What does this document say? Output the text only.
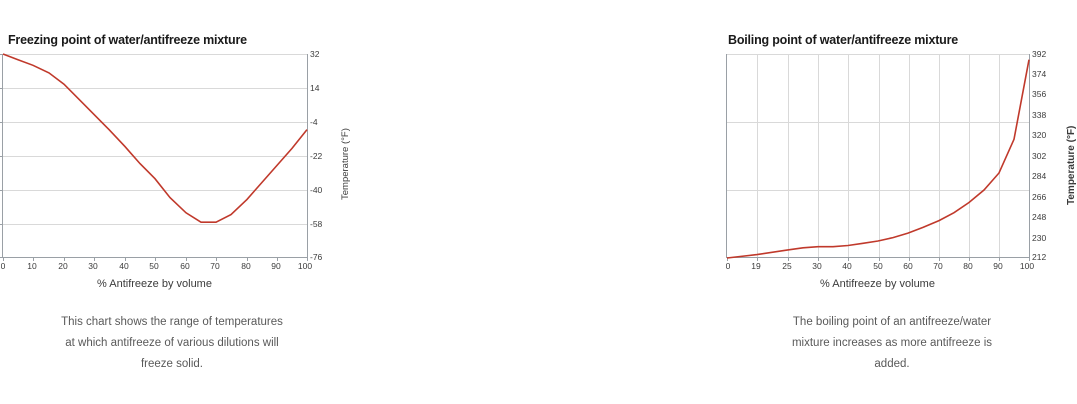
Freezing point of water/antifreeze mixture
32
14
-4
-22
-40
-58
-76
Temperature (°F)
0	10	20 30	40 50	60 70	80 90 100
% Antifreeze by volume
This chart shows the range of temperatures
at which antifreeze of various dilutions will
freeze solid.
Boiling point of water/antifreeze mixture
392
374
356
338
320
302
284
266
248
230
212
Temperature (°F)
0 19	25 30 40	50 60 70 80 90 100
% Antifreeze by volume
The boiling point of an antifreeze/water
mixture increases as more antifreeze is
added.
